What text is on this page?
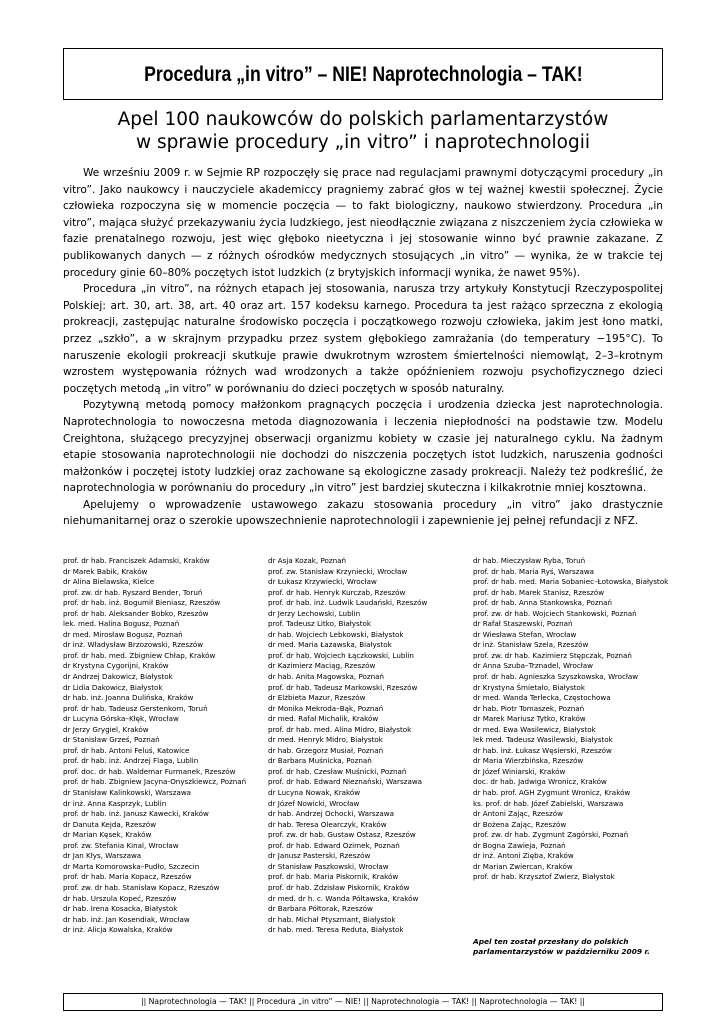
Procedura „in vitro” – NIE! Naprotechnologia – TAK!
Apel 100 naukowców do polskich parlamentarzystów
w sprawie procedury „in vitro” i naprotechnologii

We wrześniu 2009 r. w Sejmie RP rozpoczęły się prace nad regulacjami prawnymi dotyczącymi procedury „in vitro”. Jako naukowcy i nauczyciele akademiccy pragniemy zabrać głos w tej ważnej kwestii społecznej. Życie człowieka rozpoczyna się w momencie poczęcia — to fakt biologiczny, naukowo stwierdzony. Procedura „in vitro”, mająca służyć przekazywaniu życia ludzkiego, jest nieodłącznie związana z niszczeniem życia człowieka w fazie prenatalnego rozwoju, jest więc głęboko nieetyczna i jej stosowanie winno być prawnie zakazane. Z publikowanych danych — z różnych ośrodków medycznych stosujących „in vitro” — wynika, że w trakcie tej procedury ginie 60–80% poczętych istot ludzkich (z brytyjskich informacji wynika, że nawet 95%).

Procedura „in vitro”, na różnych etapach jej stosowania, narusza trzy artykuły Konstytucji Rzeczypospolitej Polskiej: art. 30, art. 38, art. 40 oraz art. 157 kodeksu karnego. Procedura ta jest rażąco sprzeczna z ekologią prokreacji, zastępując naturalne środowisko poczęcia i początkowego rozwoju człowieka, jakim jest łono matki, przez „szkło”, a w skrajnym przypadku przez system głębokiego zamrażania (do temperatury −195°C). To naruszenie ekologii prokreacji skutkuje prawie dwukrotnym wzrostem śmiertelności niemowląt, 2–3–krotnym wzrostem występowania różnych wad wrodzonych a także opóźnieniem rozwoju psychofizycznego dzieci poczętych metodą „in vitro” w porównaniu do dzieci poczętych w sposób naturalny.

Pozytywną metodą pomocy małżonkom pragnących poczęcia i urodzenia dziecka jest naprotechnologia. Naprotechnologia to nowoczesna metoda diagnozowania i leczenia niepłodności na podstawie tzw. Modelu Creightona, służącego precyzyjnej obserwacji organizmu kobiety w czasie jej naturalnego cyklu. Na żadnym etapie stosowania naprotechnologii nie dochodzi do niszczenia poczętych istot ludzkich, naruszenia godności małżonków i poczętej istoty ludzkiej oraz zachowane są ekologiczne zasady prokreacji. Należy też podkreślić, że naprotechnologia w porównaniu do procedury „in vitro” jest bardziej skuteczna i kilkakrotnie mniej kosztowna.

Apelujemy o wprowadzenie ustawowego zakazu stosowania procedury „in vitro” jako drastycznie niehumanitarnej oraz o szerokie upowszechnienie naprotechnologii i zapewnienie jej pełnej refundacji z NFZ.

prof. dr hab. Franciszek Adamski, Kraków
dr Marek Babik, Kraków
dr Alina Bielawska, Kielce
prof. zw. dr hab. Ryszard Bender, Toruń
prof. dr hab. inż. Bogumił Bieniasz, Rzeszów
prof. dr hab. Aleksander Bobko, Rzeszów
lek. med. Halina Bogusz, Poznań
dr med. Mirosław Bogusz, Poznań
dr inż. Władysław Brzozowski, Rzeszów
prof. dr hab. med. Zbigniew Chłap, Kraków
dr Krystyna Cygorijni, Kraków
dr Andrzej Dakowicz, Białystok
dr Lidia Dakowicz, Białystok
dr hab. inż. Joanna Dulińska, Kraków
prof. dr hab. Tadeusz Gerstenkorn, Toruń
dr Lucyna Górska–Kłęk, Wrocław
dr Jerzy Grygiel, Kraków
dr Stanisław Grześ, Poznań
prof. dr hab. Antoni Feluś, Katowice
prof. dr hab. inż. Andrzej Flaga, Lublin
prof. doc. dr hab. Waldemar Furmanek, Rzeszów
prof. dr hab. Zbigniew Jacyna-Onyszkiewcz, Poznań
dr Stanisław Kalinkowski, Warszawa
dr inż. Anna Kasprzyk, Lublin
prof. dr hab. inż. Janusz Kawecki, Kraków
dr Danuta Kejda, Rzeszów
dr Marian Kęsek, Kraków
prof. zw. Stefania Kinal, Wrocław
dr Jan Kłys, Warszawa
dr Marta Komorowska–Pudło, Szczecin
prof. dr hab. Maria Kopacz, Rzeszów
prof. zw. dr hab. Stanisław Kopacz, Rzeszów
dr hab. Urszula Kopeć, Rzeszów
dr hab. Irena Kosacka, Białystok
dr hab. inż. Jan Kosendiak, Wrocław
dr inż. Alicja Kowalska, Kraków
dr Asja Kozak, Poznań
prof. zw. Stanisław Krzyniecki, Wrocław
dr Łukasz Krzywiecki, Wrocław
prof. dr hab. Henryk Kurczab, Rzeszów
prof. dr hab. inż. Ludwik Laudański, Rzeszów
dr Jerzy Lechowski, Lublin
prof. Tadeusz Litko, Białystok
dr hab. Wojciech Lebkowski, Białystok
dr med. Maria Łazawska, Białystok
prof. dr hab. Wojciech Łączkowski, Lublin
dr Kazimierz Maciąg, Rzeszów
dr hab. Anita Magowska, Poznań
prof. dr hab. Tadeusz Markowski, Rzeszów
dr Elżbieta Mazur, Rzeszów
dr Monika Mekroda–Bąk, Poznań
dr med. Rafał Michalik, Kraków
prof. dr hab. med. Alina Midro, Białystok
dr med. Henryk Midro, Białystok
dr hab. Grzegorz Musiał, Poznań
dr Barbara Muśnicka, Poznań
prof. dr hab. Czesław Muśnicki, Poznań
prof. dr hab. Edward Nieznański, Warszawa
dr Lucyna Nowak, Kraków
dr Józef Nowicki, Wrocław
dr hab. Andrzej Ochocki, Warszawa
dr hab. Teresa Olearczyk, Kraków
prof. zw. dr hab. Gustaw Ostasz, Rzeszów
prof. dr hab. Edward Ozimek, Poznań
dr Janusz Pasterski, Rzeszów
dr Stanisław Paszkowski, Wrocław
prof. dr hab. Maria Piskornik, Kraków
prof. dr hab. Zdzisław Piskornik, Kraków
dr med. dr h. c. Wanda Półtawska, Kraków
dr Barbara Półtorak, Rzeszów
dr hab. Michał Ptyszmant, Białystok
dr hab. med. Teresa Reduta, Białystok
dr hab. Mieczysław Ryba, Toruń
prof. dr hab. Maria Ryś, Warszawa
prof. dr hab. med. Maria Sobaniec–Łotowska, Białystok
prof. dr hab. Marek Stanisz, Rzeszów
prof. dr hab. Anna Stankowska, Poznań
prof. zw. dr hab. Wojciech Stankowski, Poznań
dr Rafał Staszewski, Poznań
dr Wiesława Stefan, Wrocław
dr inż. Stanisław Szela, Rzeszów
prof. zw. dr hab. Kazimierz Stępczak, Poznań
dr Anna Szuba–Trznadel, Wrocław
prof. dr hab. Agnieszka Szyszkowska, Wrocław
dr Krystyna Śmietało, Białystok
dr med. Wanda Terlecka, Częstochowa
dr hab. Piotr Tomaszek, Poznań
dr Marek Mariusz Tytko, Kraków
dr med. Ewa Wasilewicz, Białystok
lek med. Tadeusz Wasilewski, Białystok
dr hab. inż. Łukasz Węsierski, Rzeszów
dr Maria Wierzbińska, Rzeszów
dr Józef Winiarski, Kraków
doc. dr hab. Jadwiga Wronicz, Kraków
dr hab. prof. AGH Zygmunt Wronicz, Kraków
ks. prof. dr hab. Józef Zabielski, Warszawa
dr Antoni Zając, Rzeszów
dr Bożena Zając, Rzeszów
prof. zw. dr hab. Zygmunt Zagórski, Poznań
dr Bogna Zawieja, Poznań
dr inż. Antoni Zięba, Kraków
dr Marian Zwiercan, Kraków
prof. dr hab. Krzysztof Zwierz, Białystok
Apel ten został przesłany do polskich parlamentarzystów w październiku 2009 r.
|| Naprotechnologia — TAK! || Procedura „in vitro” — NIE! || Naprotechnologia — TAK! || Naprotechnologia — TAK! ||
